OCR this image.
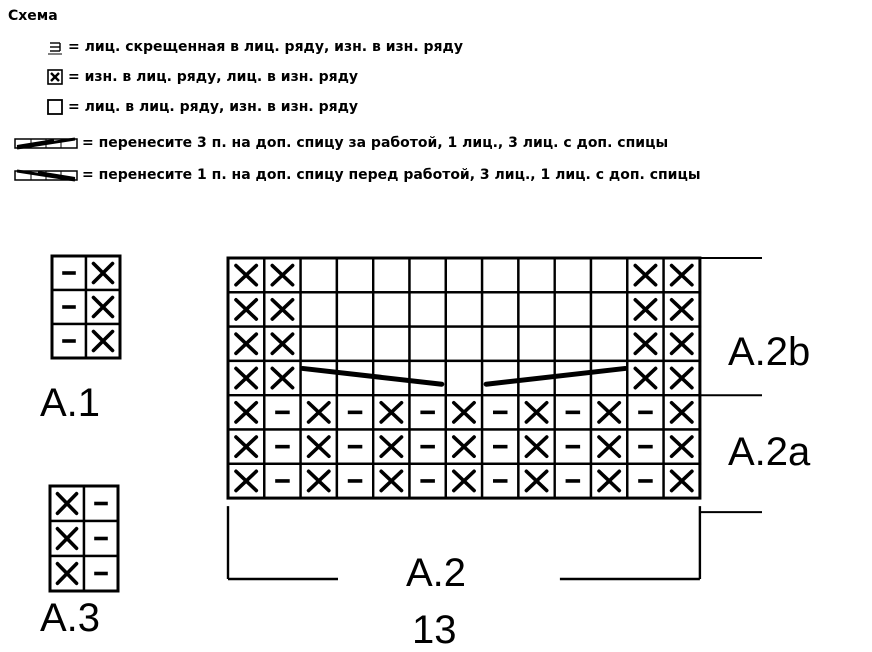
Схема
= лиц. скрещенная в лиц. ряду, изн. в изн. ряду
= изн. в лиц. ряду, лиц. в изн. ряду
= лиц. в лиц. ряду, изн. в изн. ряду
= перенесите 3 п. на доп. спицу за работой, 1 лиц., 3 лиц. с доп. спицы
= перенесите 1 п. на доп. спицу перед работой, 3 лиц., 1 лиц. с доп. спицы
A.1
A.3
A.2
13
A.2b
A.2a
